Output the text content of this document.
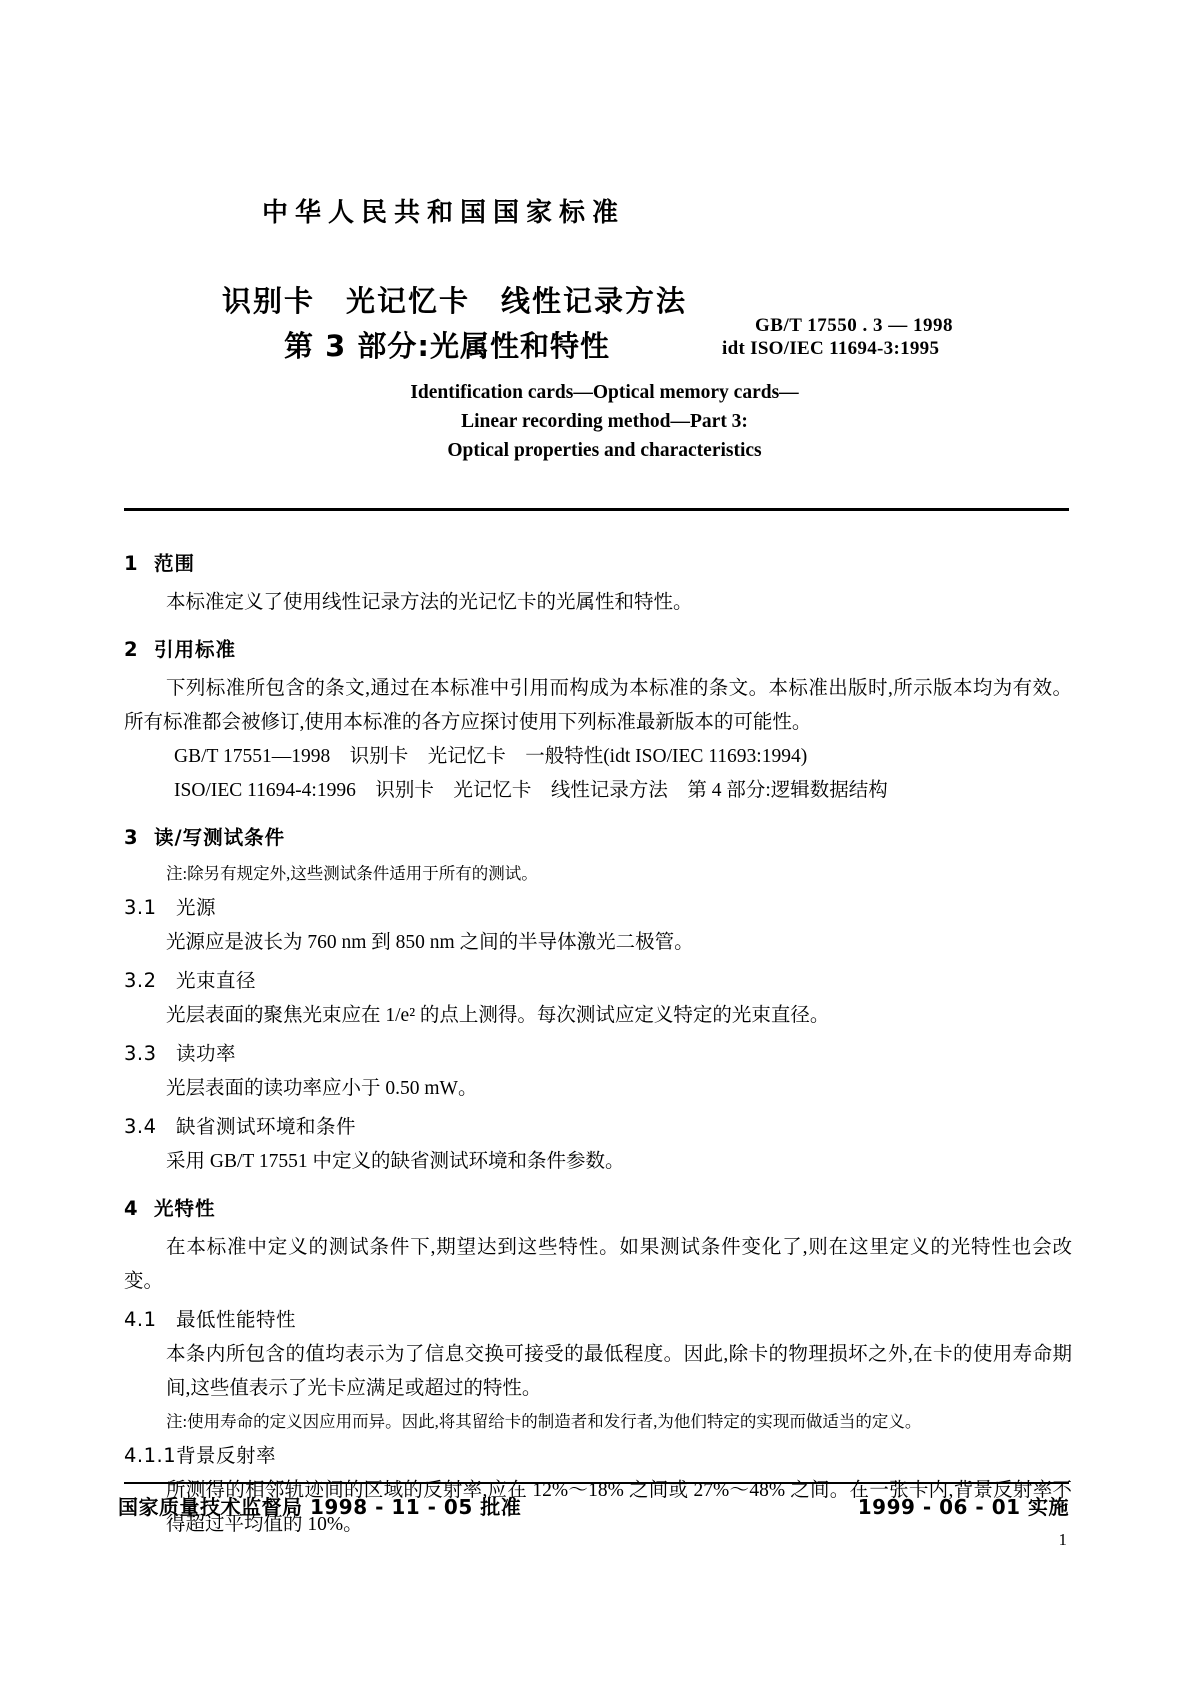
中华人民共和国国家标准
识别卡　光记忆卡　线性记录方法
第 3 部分:光属性和特性
GB/T 17550 . 3 — 1998
idt ISO/IEC 11694-3:1995
Identification cards—Optical memory cards—
Linear recording method—Part 3:
Optical properties and characteristics
1 范围

本标准定义了使用线性记录方法的光记忆卡的光属性和特性。

2 引用标准

下列标准所包含的条文,通过在本标准中引用而构成为本标准的条文。本标准出版时,所示版本均为有效。所有标准都会被修订,使用本标准的各方应探讨使用下列标准最新版本的可能性。

GB/T 17551—1998　识别卡　光记忆卡　一般特性(idt ISO/IEC 11693:1994)
ISO/IEC 11694-4:1996　识别卡　光记忆卡　线性记录方法　第 4 部分:逻辑数据结构
3 读/写测试条件
注:除另有规定外,这些测试条件适用于所有的测试。
3.1 光源
光源应是波长为 760 nm 到 850 nm 之间的半导体激光二极管。
3.2 光束直径
光层表面的聚焦光束应在 1/e² 的点上测得。每次测试应定义特定的光束直径。
3.3 读功率
光层表面的读功率应小于 0.50 mW。
3.4 缺省测试环境和条件
采用 GB/T 17551 中定义的缺省测试环境和条件参数。
4 光特性

在本标准中定义的测试条件下,期望达到这些特性。如果测试条件变化了,则在这里定义的光特性也会改变。

4.1 最低性能特性
本条内所包含的值均表示为了信息交换可接受的最低程度。因此,除卡的物理损坏之外,在卡的使用寿命期间,这些值表示了光卡应满足或超过的特性。
注:使用寿命的定义因应用而异。因此,将其留给卡的制造者和发行者,为他们特定的实现而做适当的定义。
4.1.1背景反射率
所测得的相邻轨迹间的区域的反射率,应在 12%～18% 之间或 27%～48% 之间。在一张卡内,背景反射率不得超过平均值的 10%。
国家质量技术监督局 1998 - 11 - 05 批准	1999 - 06 - 01 实施
1
